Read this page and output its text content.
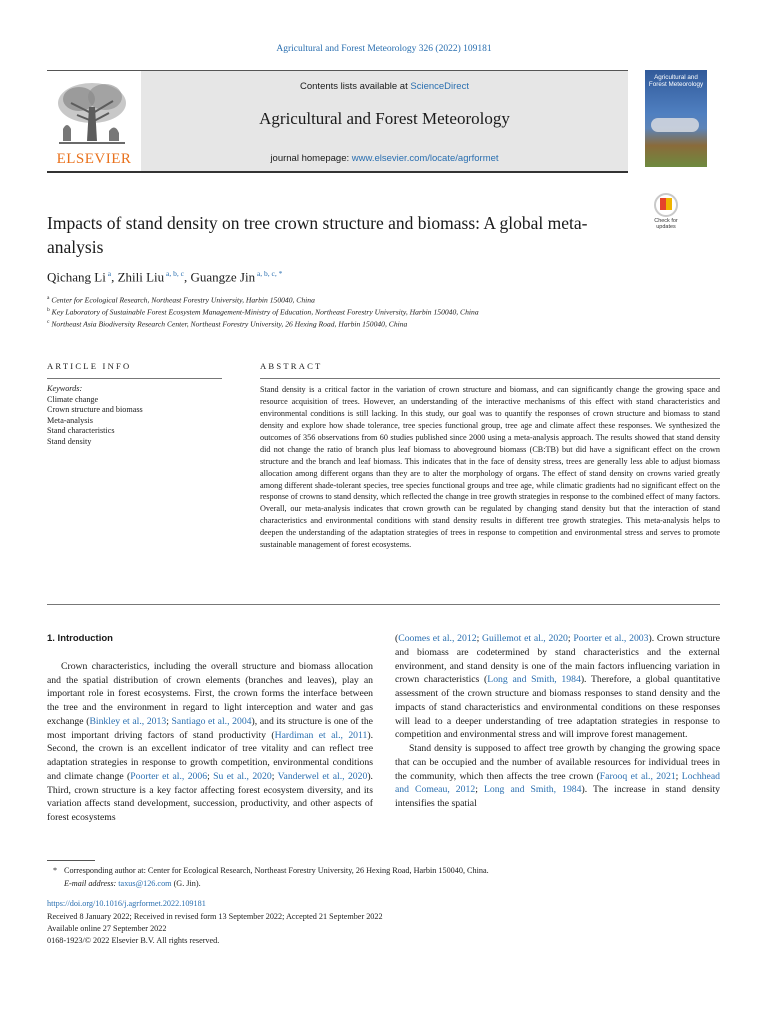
Agricultural and Forest Meteorology 326 (2022) 109181
ELSEVIER
Contents lists available at ScienceDirect
Agricultural and Forest Meteorology
journal homepage: www.elsevier.com/locate/agrformet
Agricultural and Forest Meteorology
Impacts of stand density on tree crown structure and biomass: A global meta-analysis
Check for updates
Qichang Li $^a$, Zhili Liu $^{a, b, c}$, Guangze Jin $^{a, b, c, *}$
$^a$ Center for Ecological Research, Northeast Forestry University, Harbin 150040, China
$^b$ Key Laboratory of Sustainable Forest Ecosystem Management-Ministry of Education, Northeast Forestry University, Harbin 150040, China
$^c$ Northeast Asia Biodiversity Research Center, Northeast Forestry University, 26 Hexing Road, Harbin 150040, China
ARTICLE INFO	ABSTRACT
Keywords:
Climate change
Crown structure and biomass
Meta-analysis
Stand characteristics
Stand density
Stand density is a critical factor in the variation of crown structure and biomass, and can significantly change the growing space and resource acquisition of trees. However, an understanding of the interactive mechanisms of this effect with stand characteristics and environmental conditions is still lacking. In this study, our goal was to quantify the responses of crown structure and biomass to stand density and explore how shade tolerance, tree species functional group, tree age and climate affect these responses. We synthesized the outcomes of 356 observations from 60 studies published since 2000 using a meta-analysis approach. The results showed that stand density did not change the ratio of branch plus leaf biomass to aboveground biomass (CB:TB) but did have a significant effect on the crown structure and the branch and leaf biomass. This indicates that in the face of density stress, trees are generally less able to adjust biomass allocation among different organs than they are to alter the morphology of organs. The effect of stand density on crowns varied greatly among different shade-tolerant species, tree species functional groups and tree age, while climatic gradients had no significant effect on the response of crowns to stand density, which reflected the change in tree growth strategies in response to the combined effect of many factors. Overall, our meta-analysis indicates that crown growth can be regulated by changing stand density but that the interaction of stand characteristics and environmental conditions with stand density results in different tree growth strategies. This meta-analysis helps to deepen the understanding of the adaptation strategies of trees in response to competition and environmental stress and serves to promote sustainable management of forest ecosystems.
1. Introduction

Crown characteristics, including the overall structure and biomass allocation and the spatial distribution of crown elements (branches and leaves), play an important role in forest ecosystems. First, the crown forms the interface between the tree and the environment in regard to light interception and water and gas exchange (Binkley et al., 2013; Santiago et al., 2004), and its structure is one of the most important driving factors of stand productivity (Hardiman et al., 2011). Second, the crown is an excellent indicator of tree vitality and can reflect tree adaptation strategies in response to growth competition, environmental conditions and climate change (Poorter et al., 2006; Su et al., 2020; Vanderwel et al., 2020). Third, crown structure is a key factor affecting forest ecosystem diversity, and its variation affects stand development, succession, productivity, and other aspects of forest ecosystems

(Coomes et al., 2012; Guillemot et al., 2020; Poorter et al., 2003). Crown structure and biomass are codetermined by stand characteristics and the external environment, and stand density is one of the main factors influencing variation in crown characteristics (Long and Smith, 1984). Therefore, a global quantitative assessment of the crown structure and biomass responses to stand density and the impacts of stand characteristics and environmental conditions on these responses will lead to a deeper understanding of tree adaptation strategies in response to competition and environmental stress and will improve forest management.

Stand density is supposed to affect tree growth by changing the growing space that can be occupied and the number of available resources for individual trees in the community, which then affects the tree crown (Farooq et al., 2021; Lochhead and Comeau, 2012; Long and Smith, 1984). The increase in stand density intensifies the spatial

* Corresponding author at: Center for Ecological Research, Northeast Forestry University, 26 Hexing Road, Harbin 150040, China.
E-mail address: taxus@126.com (G. Jin).
https://doi.org/10.1016/j.agrformet.2022.109181
Received 8 January 2022; Received in revised form 13 September 2022; Accepted 21 September 2022
Available online 27 September 2022
0168-1923/© 2022 Elsevier B.V. All rights reserved.
